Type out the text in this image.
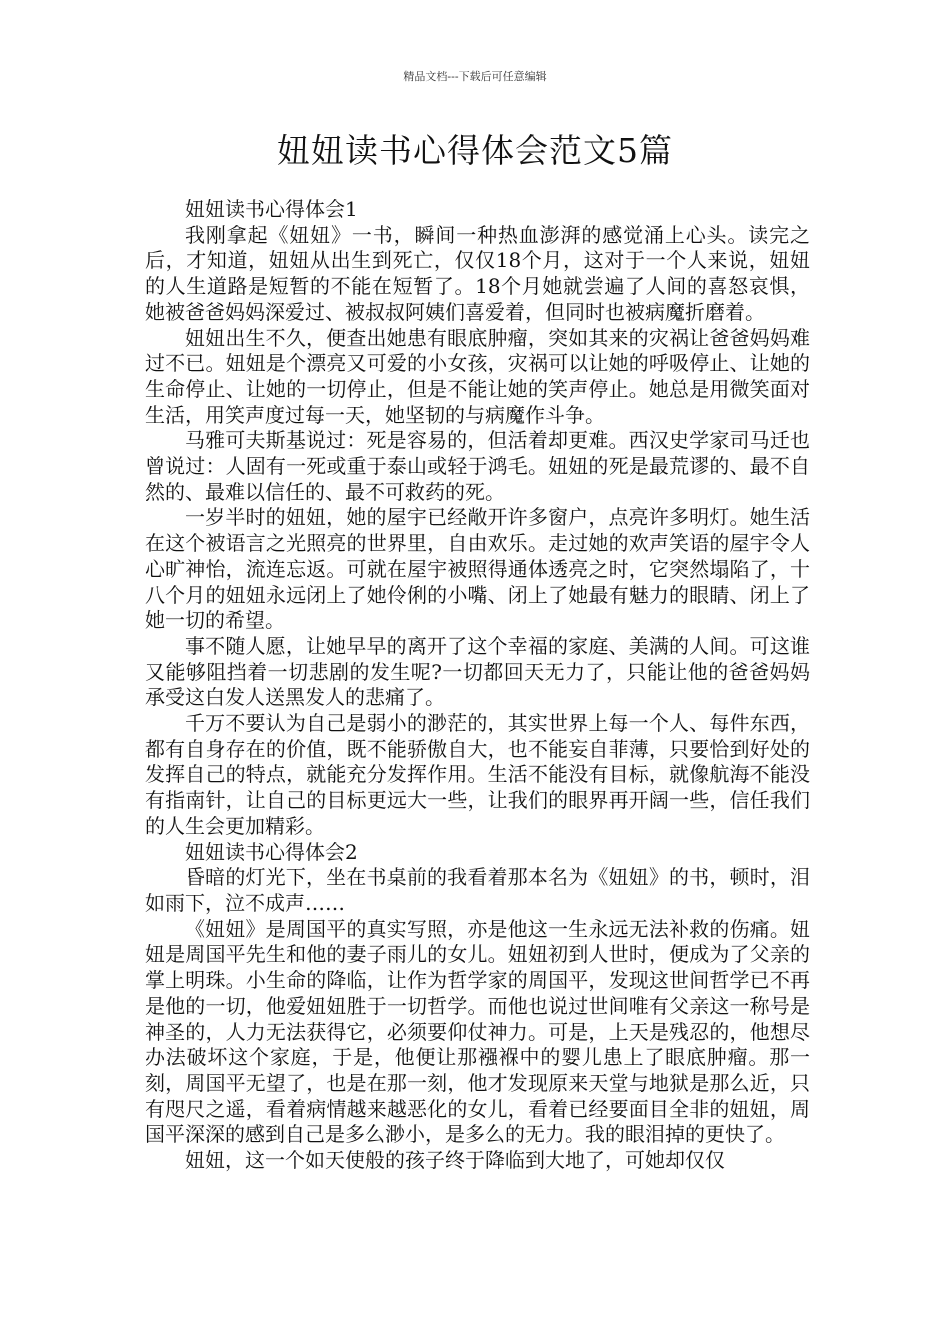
精品文档---下载后可任意编辑
妞妞读书心得体会范文5篇

妞妞读书心得体会1

我刚拿起《妞妞》一书，瞬间一种热血澎湃的感觉涌上心头。读完之后，才知道，妞妞从出生到死亡，仅仅18个月，这对于一个人来说，妞妞的人生道路是短暂的不能在短暂了。18个月她就尝遍了人间的喜怒哀惧，她被爸爸妈妈深爱过、被叔叔阿姨们喜爱着，但同时也被病魔折磨着。

妞妞出生不久，便查出她患有眼底肿瘤，突如其来的灾祸让爸爸妈妈难过不已。妞妞是个漂亮又可爱的小女孩，灾祸可以让她的呼吸停止、让她的生命停止、让她的一切停止，但是不能让她的笑声停止。她总是用微笑面对生活，用笑声度过每一天，她坚韧的与病魔作斗争。

马雅可夫斯基说过：死是容易的，但活着却更难。西汉史学家司马迁也曾说过：人固有一死或重于泰山或轻于鸿毛。妞妞的死是最荒谬的、最不自然的、最难以信任的、最不可救药的死。

一岁半时的妞妞，她的屋宇已经敞开许多窗户，点亮许多明灯。她生活在这个被语言之光照亮的世界里，自由欢乐。走过她的欢声笑语的屋宇令人心旷神怡，流连忘返。可就在屋宇被照得通体透亮之时，它突然塌陷了，十八个月的妞妞永远闭上了她伶俐的小嘴、闭上了她最有魅力的眼睛、闭上了她一切的希望。

事不随人愿，让她早早的离开了这个幸福的家庭、美满的人间。可这谁又能够阻挡着一切悲剧的发生呢?一切都回天无力了，只能让他的爸爸妈妈承受这白发人送黑发人的悲痛了。

千万不要认为自己是弱小的渺茫的，其实世界上每一个人、每件东西，都有自身存在的价值，既不能骄傲自大，也不能妄自菲薄，只要恰到好处的发挥自己的特点，就能充分发挥作用。生活不能没有目标，就像航海不能没有指南针，让自己的目标更远大一些，让我们的眼界再开阔一些，信任我们的人生会更加精彩。

妞妞读书心得体会2

昏暗的灯光下，坐在书桌前的我看着那本名为《妞妞》的书，顿时，泪如雨下，泣不成声……

《妞妞》是周国平的真实写照，亦是他这一生永远无法补救的伤痛。妞妞是周国平先生和他的妻子雨儿的女儿。妞妞初到人世时，便成为了父亲的掌上明珠。小生命的降临，让作为哲学家的周国平，发现这世间哲学已不再是他的一切，他爱妞妞胜于一切哲学。而他也说过世间唯有父亲这一称号是神圣的，人力无法获得它，必须要仰仗神力。可是，上天是残忍的，他想尽办法破坏这个家庭，于是，他便让那襁褓中的婴儿患上了眼底肿瘤。那一刻，周国平无望了，也是在那一刻，他才发现原来天堂与地狱是那么近，只有咫尺之遥，看着病情越来越恶化的女儿，看着已经要面目全非的妞妞，周国平深深的感到自己是多么渺小，是多么的无力。我的眼泪掉的更快了。

妞妞，这一个如天使般的孩子终于降临到大地了，可她却仅仅
